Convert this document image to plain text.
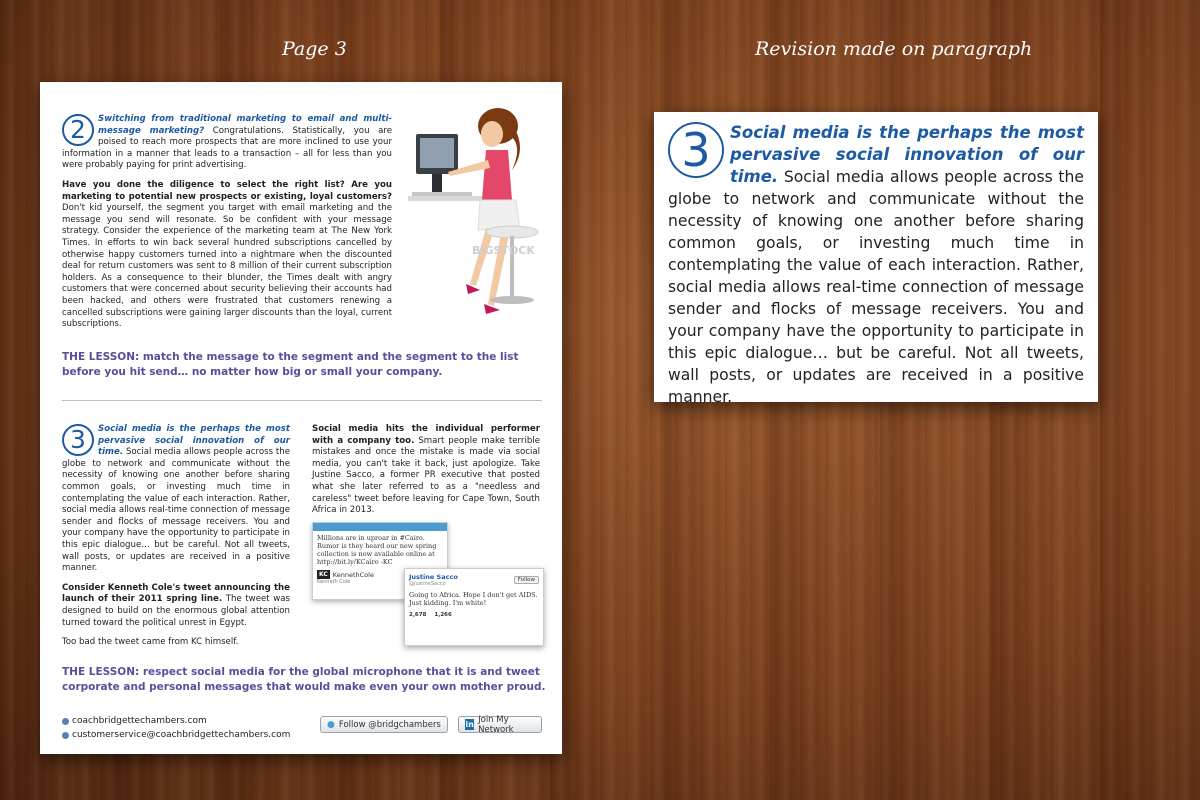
Page 3	Revision made on paragraph
2	Switching from traditional marketing to email and multi-message marketing? Congratulations. Statistically, you are poised to reach more prospects that are more inclined to use your information in a manner that leads to a transaction – all for less than you were probably paying for print advertising.

Have you done the diligence to select the right list? Are you marketing to potential new prospects or existing, loyal customers? Don't kid yourself, the segment you target with email marketing and the message you send will resonate. So be confident with your message strategy. Consider the experience of the marketing team at The New York Times. In efforts to win back several hundred subscriptions cancelled by otherwise happy customers turned into a nightmare when the discounted deal for return customers was sent to 8 million of their current subscription holders. As a consequence to their blunder, the Times dealt with angry customers that were concerned about security believing their accounts had been hacked, and others were frustrated that customers renewing a cancelled subscriptions were gaining larger discounts than the loyal, current subscriptions.

BIGSTOCK
THE LESSON: match the message to the segment and the segment to the list before you hit send… no matter how big or small your company.

3	Social media is the perhaps the most pervasive social innovation of our time. Social media allows people across the globe to network and communicate without the necessity of knowing one another before sharing common goals, or investing much time in contemplating the value of each interaction. Rather, social media allows real-time connection of message sender and flocks of message receivers. You and your company have the opportunity to participate in this epic dialogue… but be careful. Not all tweets, wall posts, or updates are received in a positive manner.

Consider Kenneth Cole's tweet announcing the launch of their 2011 spring line. The tweet was designed to build on the enormous global attention turned toward the political unrest in Egypt.

Too bad the tweet came from KC himself.

Social media hits the individual performer with a company too. Smart people make terrible mistakes and once the mistake is made via social media, you can't take it back, just apologize. Take Justine Sacco, a former PR executive that posted what she later referred to as a "needless and careless" tweet before leaving for Cape Town, South Africa in 2013.

Millions are in uproar in #Cairo. Rumor is they heard our new spring collection is now available online at http://bit.ly/KCairo -KC
KC KennethCole
Kenneth Cole
Justine Sacco
@JustineSacco
Follow
Going to Africa. Hope I don't get AIDS. Just kidding. I'm white!
2,678 1,266
THE LESSON: respect social media for the global microphone that it is and tweet corporate and personal messages that would make even your own mother proud.
coachbridgettechambers.com
customerservice@coachbridgettechambers.com
● Follow @bridgchambers	in Join My Network
3	Social media is the perhaps the most pervasive social innovation of our time. Social media allows people across the globe to network and communicate without the necessity of knowing one another before sharing common goals, or investing much time in contemplating the value of each interaction. Rather, social media allows real-time connection of message sender and flocks of message receivers. You and your company have the opportunity to participate in this epic dialogue… but be careful. Not all tweets, wall posts, or updates are received in a positive manner.
